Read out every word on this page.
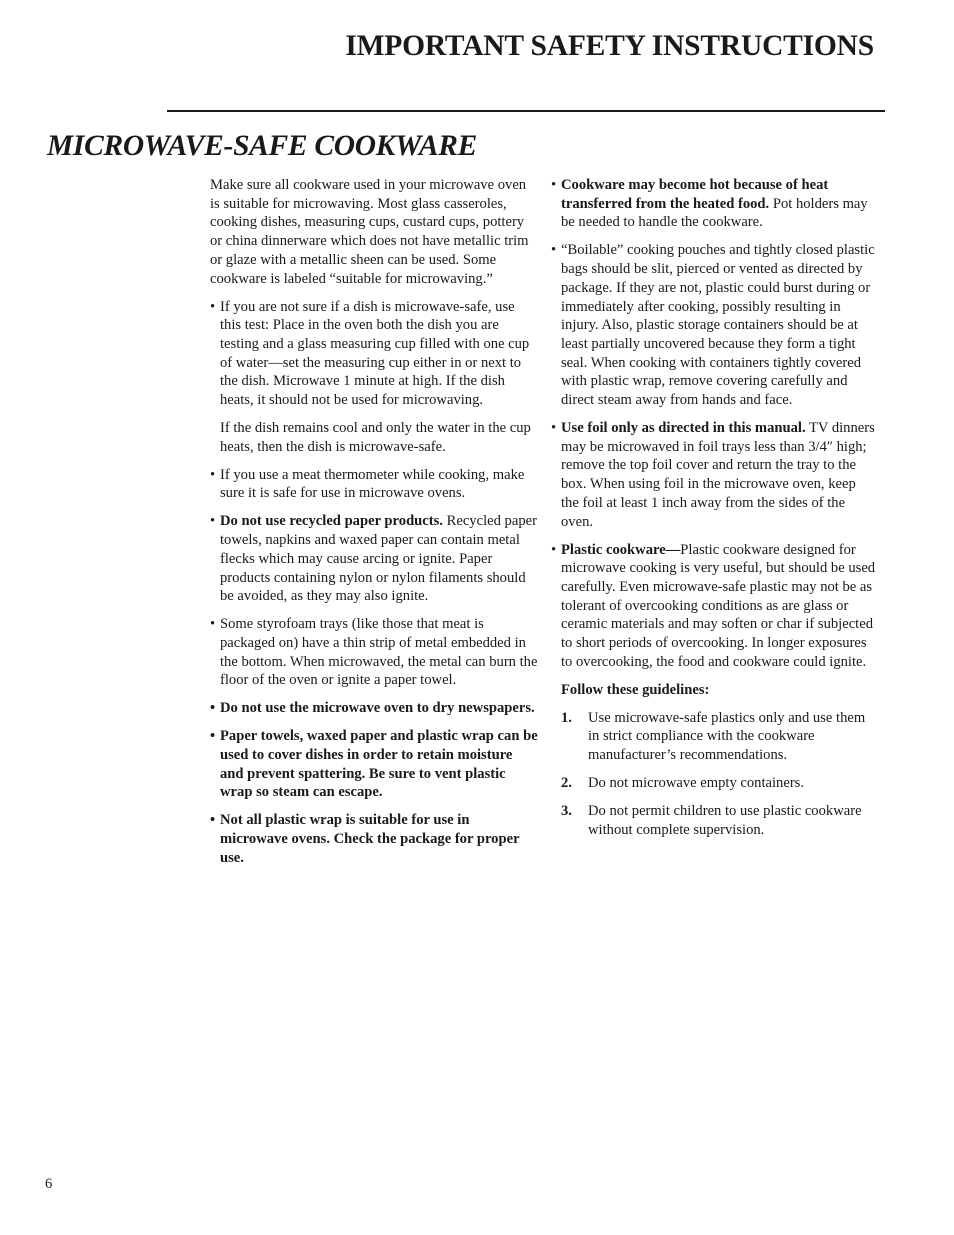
IMPORTANT SAFETY INSTRUCTIONS
MICROWAVE-SAFE COOKWARE

Make sure all cookware used in your microwave oven is suitable for microwaving. Most glass casseroles, cooking dishes, measuring cups, custard cups, pottery or china dinnerware which does not have metallic trim or glaze with a metallic sheen can be used. Some cookware is labeled “suitable for microwaving.”

• If you are not sure if a dish is microwave-safe, use this test: Place in the oven both the dish you are testing and a glass measuring cup filled with one cup of water—set the measuring cup either in or next to the dish. Microwave 1 minute at high. If the dish heats, it should not be used for microwaving.
If the dish remains cool and only the water in the cup heats, then the dish is microwave-safe.
• If you use a meat thermometer while cooking, make sure it is safe for use in microwave ovens.
• Do not use recycled paper products. Recycled paper towels, napkins and waxed paper can contain metal flecks which may cause arcing or ignite. Paper products containing nylon or nylon filaments should be avoided, as they may also ignite.
• Some styrofoam trays (like those that meat is packaged on) have a thin strip of metal embedded in the bottom. When microwaved, the metal can burn the floor of the oven or ignite a paper towel.
• Do not use the microwave oven to dry newspapers.
• Paper towels, waxed paper and plastic wrap can be used to cover dishes in order to retain moisture and prevent spattering. Be sure to vent plastic wrap so steam can escape.
• Not all plastic wrap is suitable for use in microwave ovens. Check the package for proper use.
• Cookware may become hot because of heat transferred from the heated food. Pot holders may be needed to handle the cookware.
• “Boilable” cooking pouches and tightly closed plastic bags should be slit, pierced or vented as directed by package. If they are not, plastic could burst during or immediately after cooking, possibly resulting in injury. Also, plastic storage containers should be at least partially uncovered because they form a tight seal. When cooking with containers tightly covered with plastic wrap, remove covering carefully and direct steam away from hands and face.
• Use foil only as directed in this manual. TV dinners may be microwaved in foil trays less than 3/4″ high; remove the top foil cover and return the tray to the box. When using foil in the microwave oven, keep the foil at least 1 inch away from the sides of the oven.
• Plastic cookware—Plastic cookware designed for microwave cooking is very useful, but should be used carefully. Even microwave-safe plastic may not be as tolerant of overcooking conditions as are glass or ceramic materials and may soften or char if subjected to short periods of overcooking. In longer exposures to overcooking, the food and cookware could ignite.
Follow these guidelines:
1. Use microwave-safe plastics only and use them in strict compliance with the cookware manufacturer’s recommendations.
2. Do not microwave empty containers.
3. Do not permit children to use plastic cookware without complete supervision.
6
